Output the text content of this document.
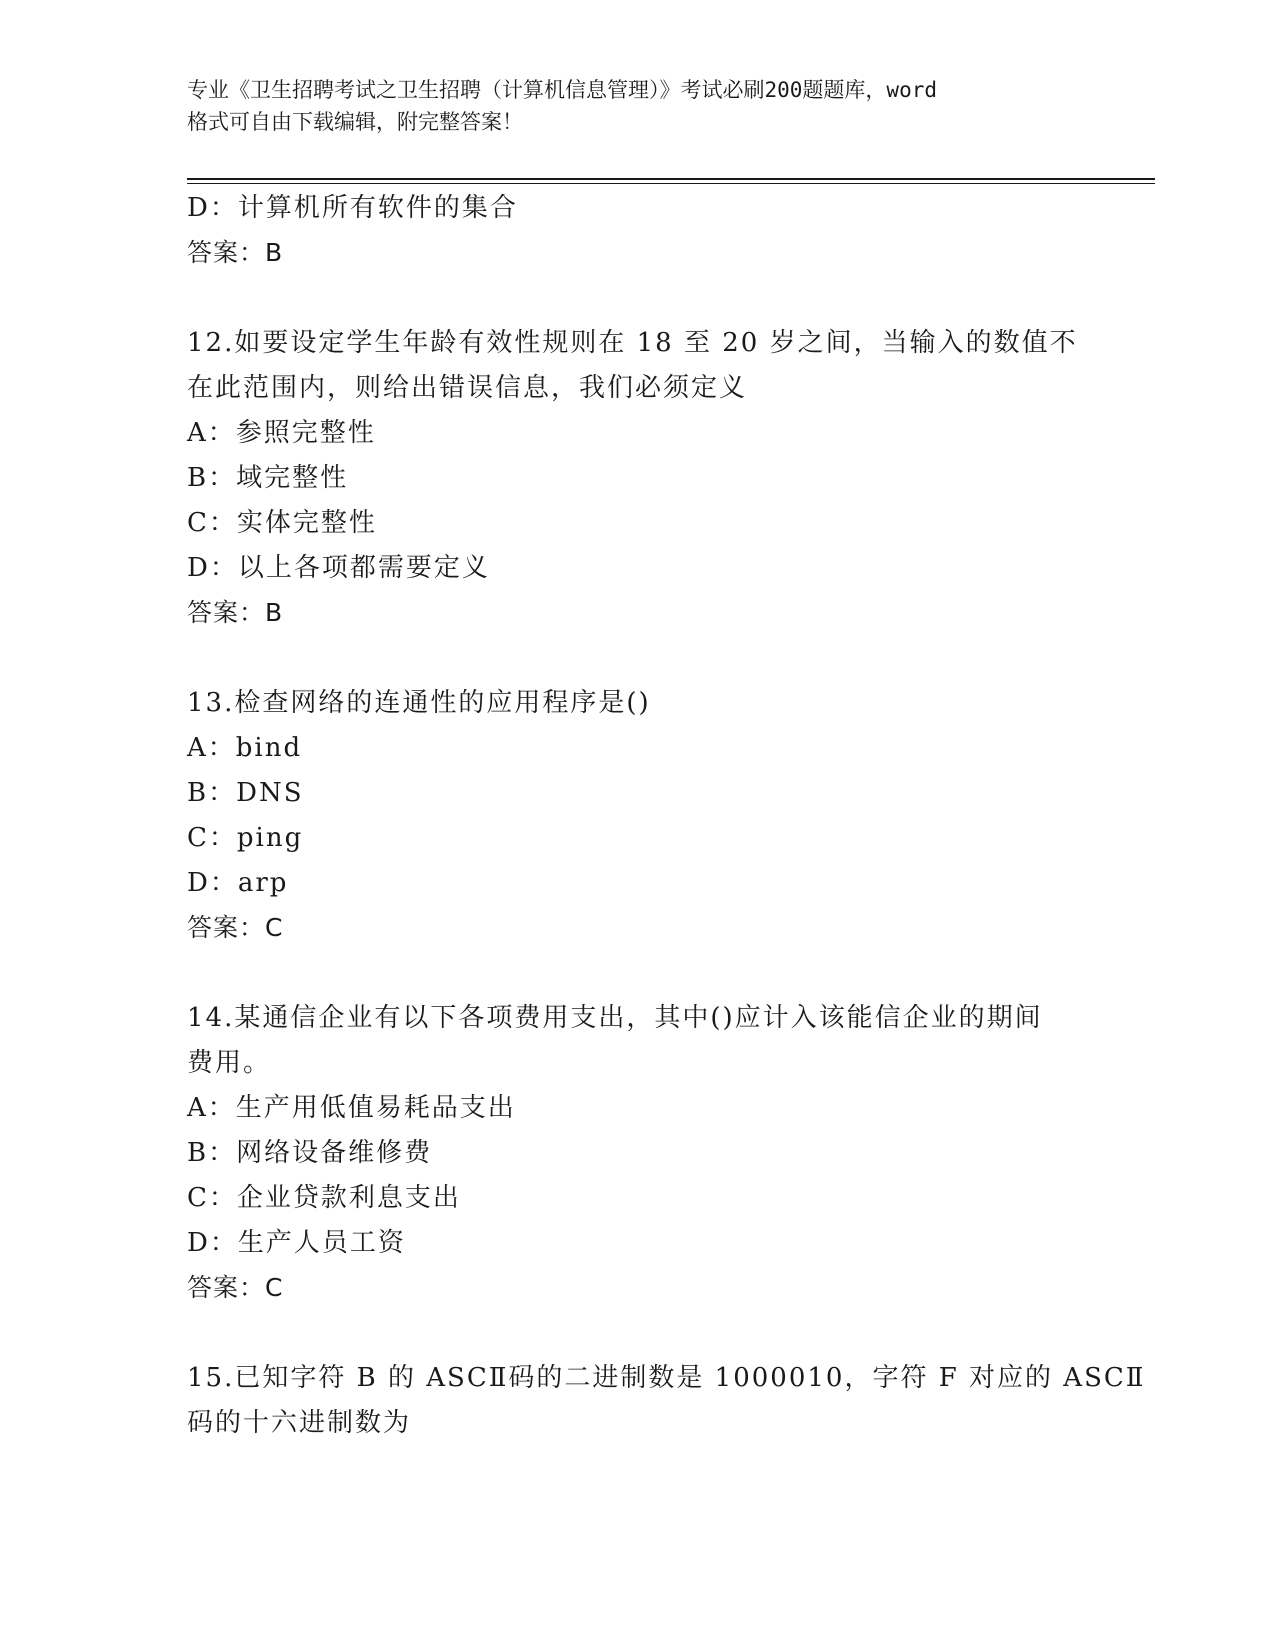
专业《卫生招聘考试之卫生招聘（计算机信息管理）》考试必刷200题题库，word
格式可自由下载编辑，附完整答案！
D：计算机所有软件的集合
答案：B
12.如要设定学生年龄有效性规则在 18 至 20 岁之间，当输入的数值不
在此范围内，则给出错误信息，我们必须定义
A：参照完整性
B：域完整性
C：实体完整性
D：以上各项都需要定义
答案：B
13.检查网络的连通性的应用程序是()
A：bind
B：DNS
C：ping
D：arp
答案：C
14.某通信企业有以下各项费用支出，其中()应计入该能信企业的期间
费用。
A：生产用低值易耗品支出
B：网络设备维修费
C：企业贷款利息支出
D：生产人员工资
答案：C
15.已知字符 B 的 ASCⅡ码的二进制数是 1000010，字符 F 对应的 ASCⅡ
码的十六进制数为
